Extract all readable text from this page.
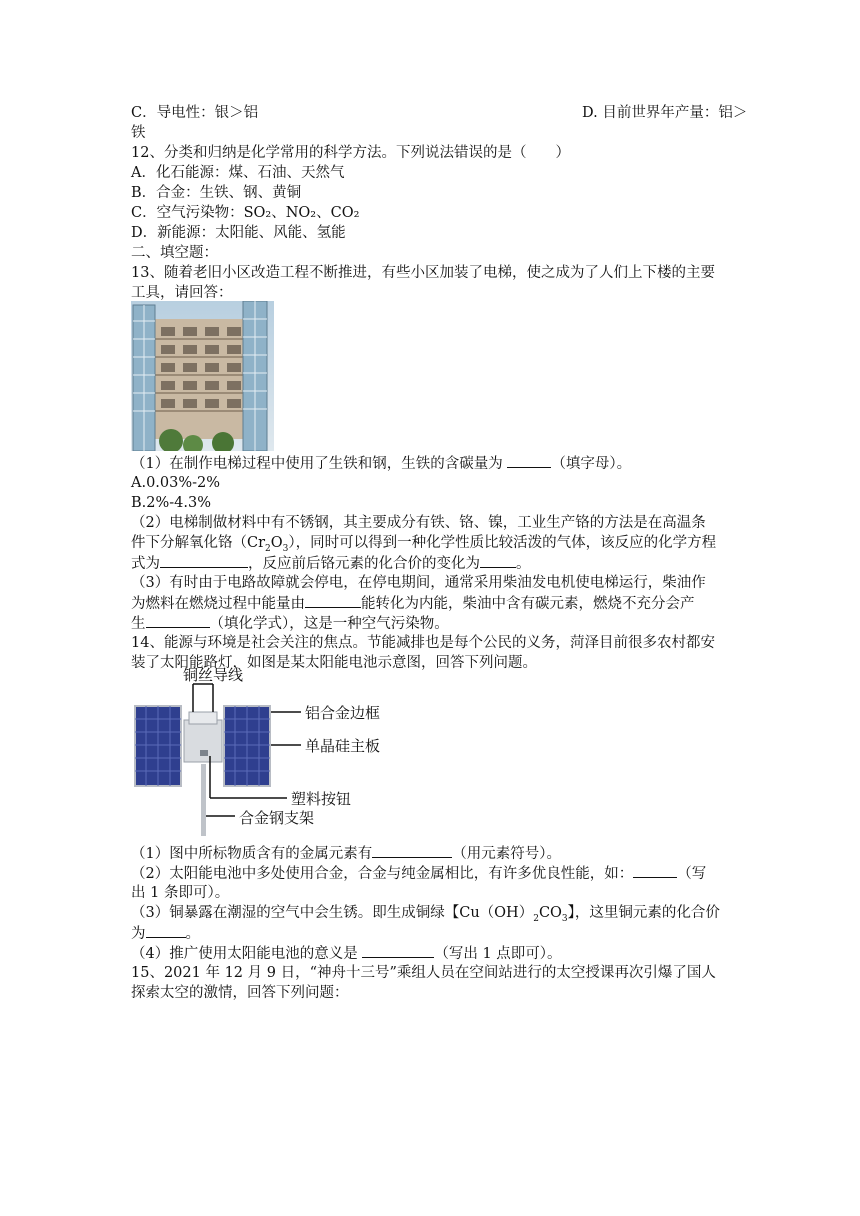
C．导电性：银＞铝	D. 目前世界年产量：铝＞
铁
12、分类和归纳是化学常用的科学方法。下列说法错误的是（　　）
A．化石能源：煤、石油、天然气
B．合金：生铁、钢、黄铜
C．空气污染物：SO₂、NO₂、CO₂
D．新能源：太阳能、风能、氢能
二、填空题：
13、随着老旧小区改造工程不断推进，有些小区加装了电梯，使之成为了人们上下楼的主要
工具，请回答：
（1）在制作电梯过程中使用了生铁和钢，生铁的含碳量为	（填字母）。
A.0.03%-2%
B.2%-4.3%
（2）电梯制做材料中有不锈钢，其主要成分有铁、铬、镍，工业生产铬的方法是在高温条
件下分解氧化铬$(Cr_2O_3)$，同时可以得到一种化学性质比较活泼的气体，该反应的化学方程
式为	，反应前后铬元素的化合价的变化为 。
（3）有时由于电路故障就会停电，在停电期间，通常采用柴油发电机使电梯运行，柴油作
为燃料在燃烧过程中能量由	能转化为内能，柴油中含有碳元素，燃烧不充分会产
生	（填化学式），这是一种空气污染物。
14、能源与环境是社会关注的焦点。节能减排也是每个公民的义务，菏泽目前很多农村都安
装了太阳能路灯，如图是某太阳能电池示意图，回答下列问题。
铜丝导线
铝合金边框
单晶硅主板
塑料按钮
合金钢支架
（1）图中所标物质含有的金属元素有	（用元素符号）。
（2）太阳能电池中多处使用合金，合金与纯金属相比，有许多优良性能，如：	（写
出 1 条即可）。
（3）铜暴露在潮湿的空气中会生锈。即生成铜绿【$Cu(OH)_2CO_3$】，这里铜元素的化合价
为	。
（4）推广使用太阳能电池的意义是	（写出 1 点即可）。
15、2021 年 12 月 9 日，“神舟十三号”乘组人员在空间站进行的太空授课再次引爆了国人
探索太空的激情，回答下列问题：
